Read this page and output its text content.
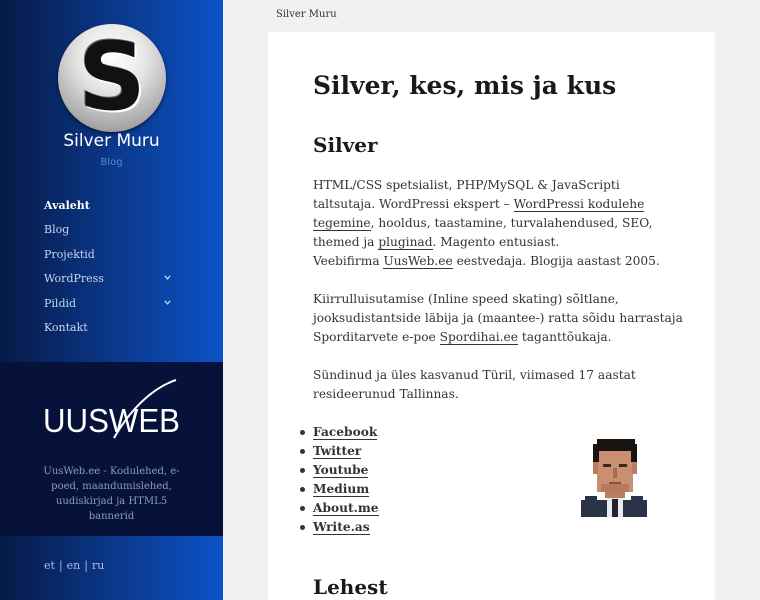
S
Silver Muru
Blog
Avaleht
Blog
Projektid
WordPress
Pildid
Kontakt
UUSWEB
UusWeb.ee - Kodulehed, e-poed, maandumislehed, uudiskirjad ja HTML5 bannerid
et | en | ru
Silver Muru
Silver, kes, mis ja kus
Silver

HTML/CSS spetsialist, PHP/MySQL & JavaScripti taltsutaja. WordPressi ekspert – WordPressi kodulehe tegemine, hooldus, taastamine, turvalahendused, SEO, themed ja pluginad. Magento entusiast.
Veebifirma UusWeb.ee eestvedaja. Blogija aastast 2005.

Kiirrulluisutamise (Inline speed skating) sõltlane, jooksudistantside läbija ja (maantee-) ratta sõidu harrastaja Sporditarvete e-poe Spordihai.ee taganttõukaja.

Sündinud ja üles kasvanud Türil, viimased 17 aastat resideerunud Tallinnas.

Facebook
Twitter
Youtube
Medium
About.me
Write.as
Lehest
